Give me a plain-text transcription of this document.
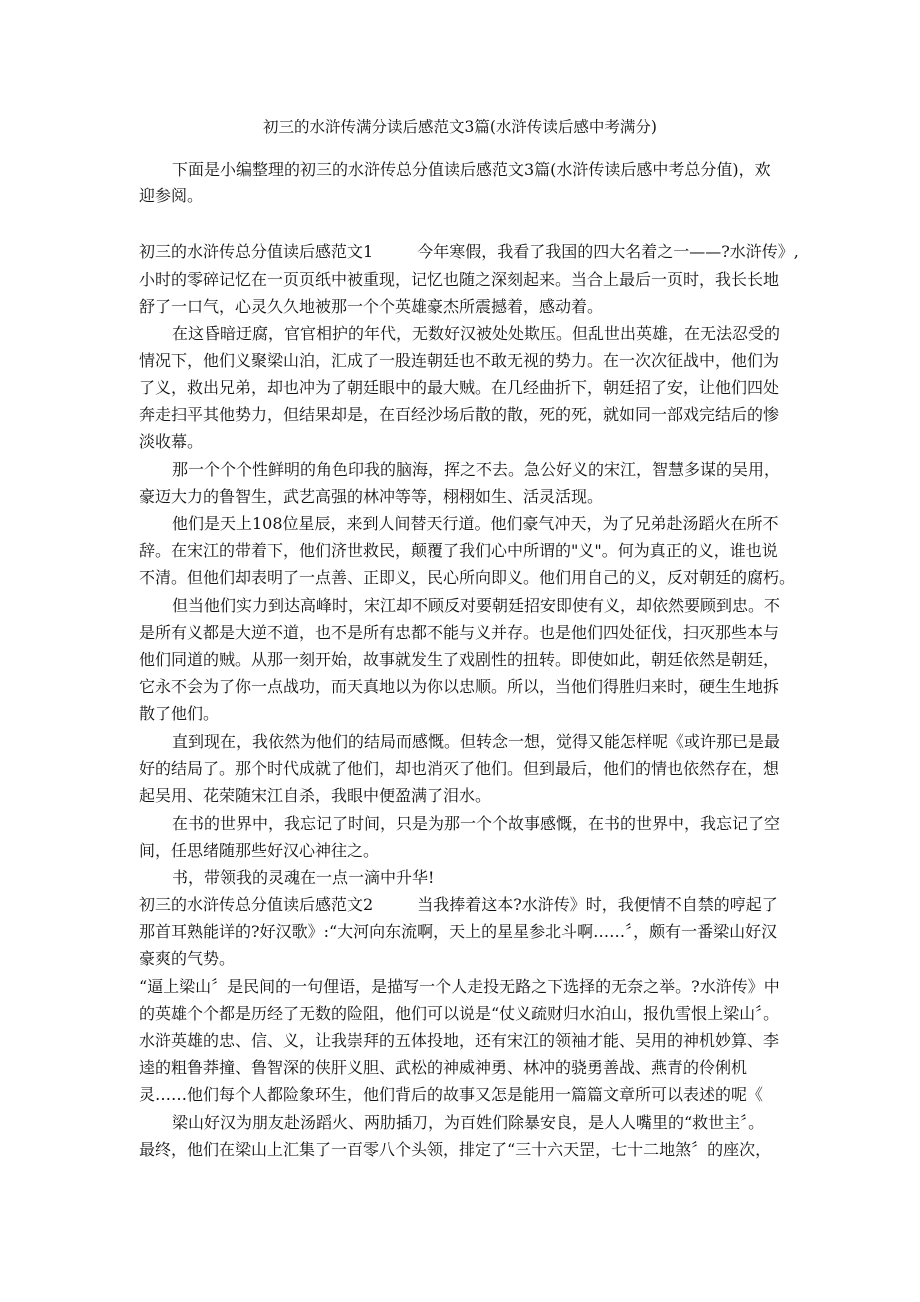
初三的水浒传满分读后感范文3篇(水浒传读后感中考满分)
下面是小编整理的初三的水浒传总分值读后感范文3篇(水浒传读后感中考总分值)，欢
迎参阅。
初三的水浒传总分值读后感范文1	今年寒假，我看了我国的四大名着之一——?水浒传》,
小时的零碎记忆在一页页纸中被重现，记忆也随之深刻起来。当合上最后一页时，我长长地
舒了一口气，心灵久久地被那一个个英雄豪杰所震撼着，感动着。
在这昏暗迂腐，官官相护的年代，无数好汉被处处欺压。但乱世出英雄，在无法忍受的
情况下，他们义聚梁山泊，汇成了一股连朝廷也不敢无视的势力。在一次次征战中，他们为
了义，救出兄弟，却也冲为了朝廷眼中的最大贼。在几经曲折下，朝廷招了安，让他们四处
奔走扫平其他势力，但结果却是，在百经沙场后散的散，死的死，就如同一部戏完结后的惨
淡收幕。
那一个个个性鲜明的角色印我的脑海，挥之不去。急公好义的宋江，智慧多谋的吴用，
豪迈大力的鲁智生，武艺高强的林冲等等，栩栩如生、活灵活现。
他们是天上108位星辰，来到人间替天行道。他们豪气冲天，为了兄弟赴汤蹈火在所不
辞。在宋江的带着下，他们济世救民，颠覆了我们心中所谓的"义"。何为真正的义，谁也说
不清。但他们却表明了一点善、正即义，民心所向即义。他们用自己的义，反对朝廷的腐朽。
但当他们实力到达高峰时，宋江却不顾反对要朝廷招安即使有义，却依然要顾到忠。不
是所有义都是大逆不道，也不是所有忠都不能与义并存。也是他们四处征伐，扫灭那些本与
他们同道的贼。从那一刻开始，故事就发生了戏剧性的扭转。即使如此，朝廷依然是朝廷，
它永不会为了你一点战功，而天真地以为你以忠顺。所以，当他们得胜归来时，硬生生地拆
散了他们。
直到现在，我依然为他们的结局而感慨。但转念一想，觉得又能怎样呢《或许那已是最
好的结局了。那个时代成就了他们，却也消灭了他们。但到最后，他们的情也依然存在，想
起吴用、花荣随宋江自杀，我眼中便盈满了泪水。
在书的世界中，我忘记了时间，只是为那一个个故事感慨，在书的世界中，我忘记了空
间，任思绪随那些好汉心神往之。
书，带领我的灵魂在一点一滴中升华!
初三的水浒传总分值读后感范文2	当我捧着这本?水浒传》时，我便情不自禁的哼起了
那首耳熟能详的?好汉歌》:“大河向东流啊，天上的星星参北斗啊……〞，颇有一番梁山好汉
豪爽的气势。
“逼上梁山〞是民间的一句俚语，是描写一个人走投无路之下选择的无奈之举。?水浒传》中
的英雄个个都是历经了无数的险阻，他们可以说是“仗义疏财归水泊山，报仇雪恨上梁山〞。
水浒英雄的忠、信、义，让我崇拜的五体投地，还有宋江的领袖才能、吴用的神机妙算、李
逵的粗鲁莽撞、鲁智深的侠肝义胆、武松的神威神勇、林冲的骁勇善战、燕青的伶俐机
灵……他们每个人都险象环生，他们背后的故事又怎是能用一篇篇文章所可以表述的呢《
梁山好汉为朋友赴汤蹈火、两肋插刀，为百姓们除暴安良，是人人嘴里的“救世主〞。
最终，他们在梁山上汇集了一百零八个头领，排定了“三十六天罡，七十二地煞〞的座次，
